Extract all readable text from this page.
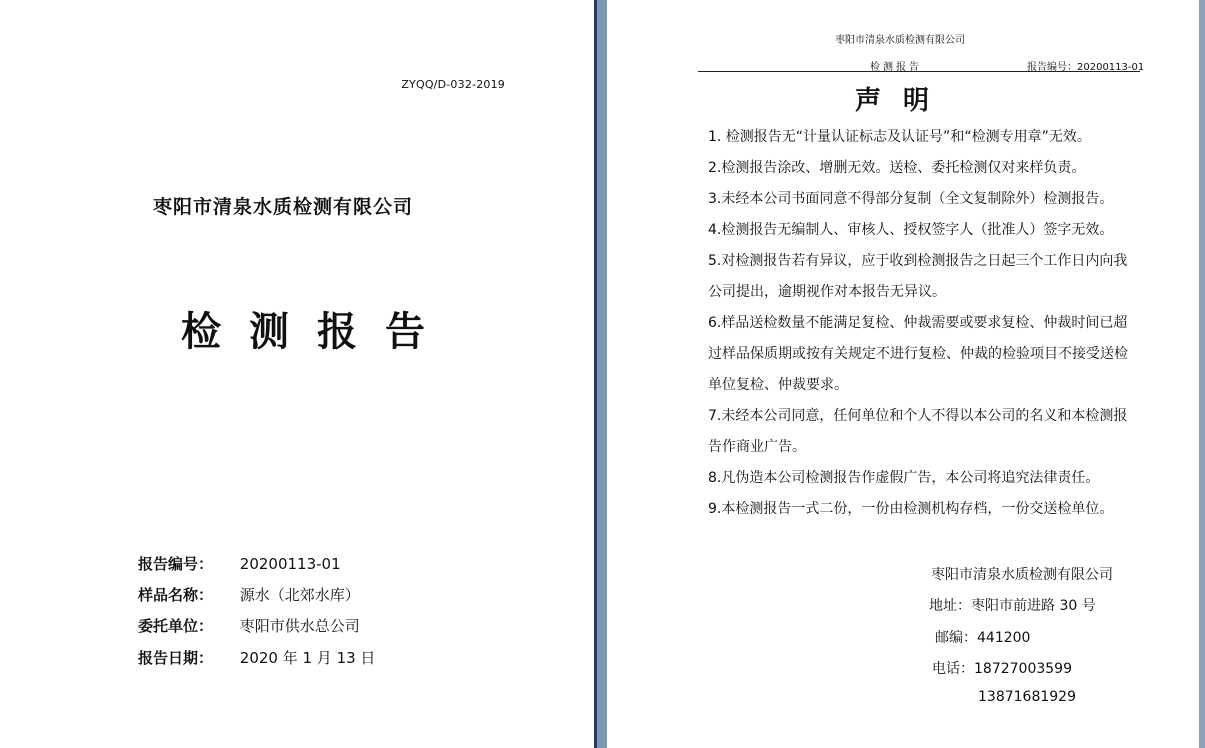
ZYQQ/D-032-2019
枣阳市清泉水质检测有限公司
检测报告
报告编号： 20200113-01
样品名称： 源水（北郊水库）
委托单位： 枣阳市供水总公司
报告日期： 2020 年 1 月 13 日
枣阳市清泉水质检测有限公司
检测报告	报告编号：20200113-01
声明

1. 检测报告无“计量认证标志及认证号”和“检测专用章”无效。

2.检测报告涂改、增删无效。送检、委托检测仅对来样负责。

3.未经本公司书面同意不得部分复制（全文复制除外）检测报告。

4.检测报告无编制人、审核人、授权签字人（批准人）签字无效。

5.对检测报告若有异议，应于收到检测报告之日起三个工作日内向我公司提出，逾期视作对本报告无异议。

6.样品送检数量不能满足复检、仲裁需要或要求复检、仲裁时间已超过样品保质期或按有关规定不进行复检、仲裁的检验项目不接受送检单位复检、仲裁要求。

7.未经本公司同意，任何单位和个人不得以本公司的名义和本检测报告作商业广告。

8.凡伪造本公司检测报告作虚假广告，本公司将追究法律责任。

9.本检测报告一式二份，一份由检测机构存档，一份交送检单位。

枣阳市清泉水质检测有限公司
地址：枣阳市前进路 30 号
邮编：441200
电话：18727003599
13871681929
